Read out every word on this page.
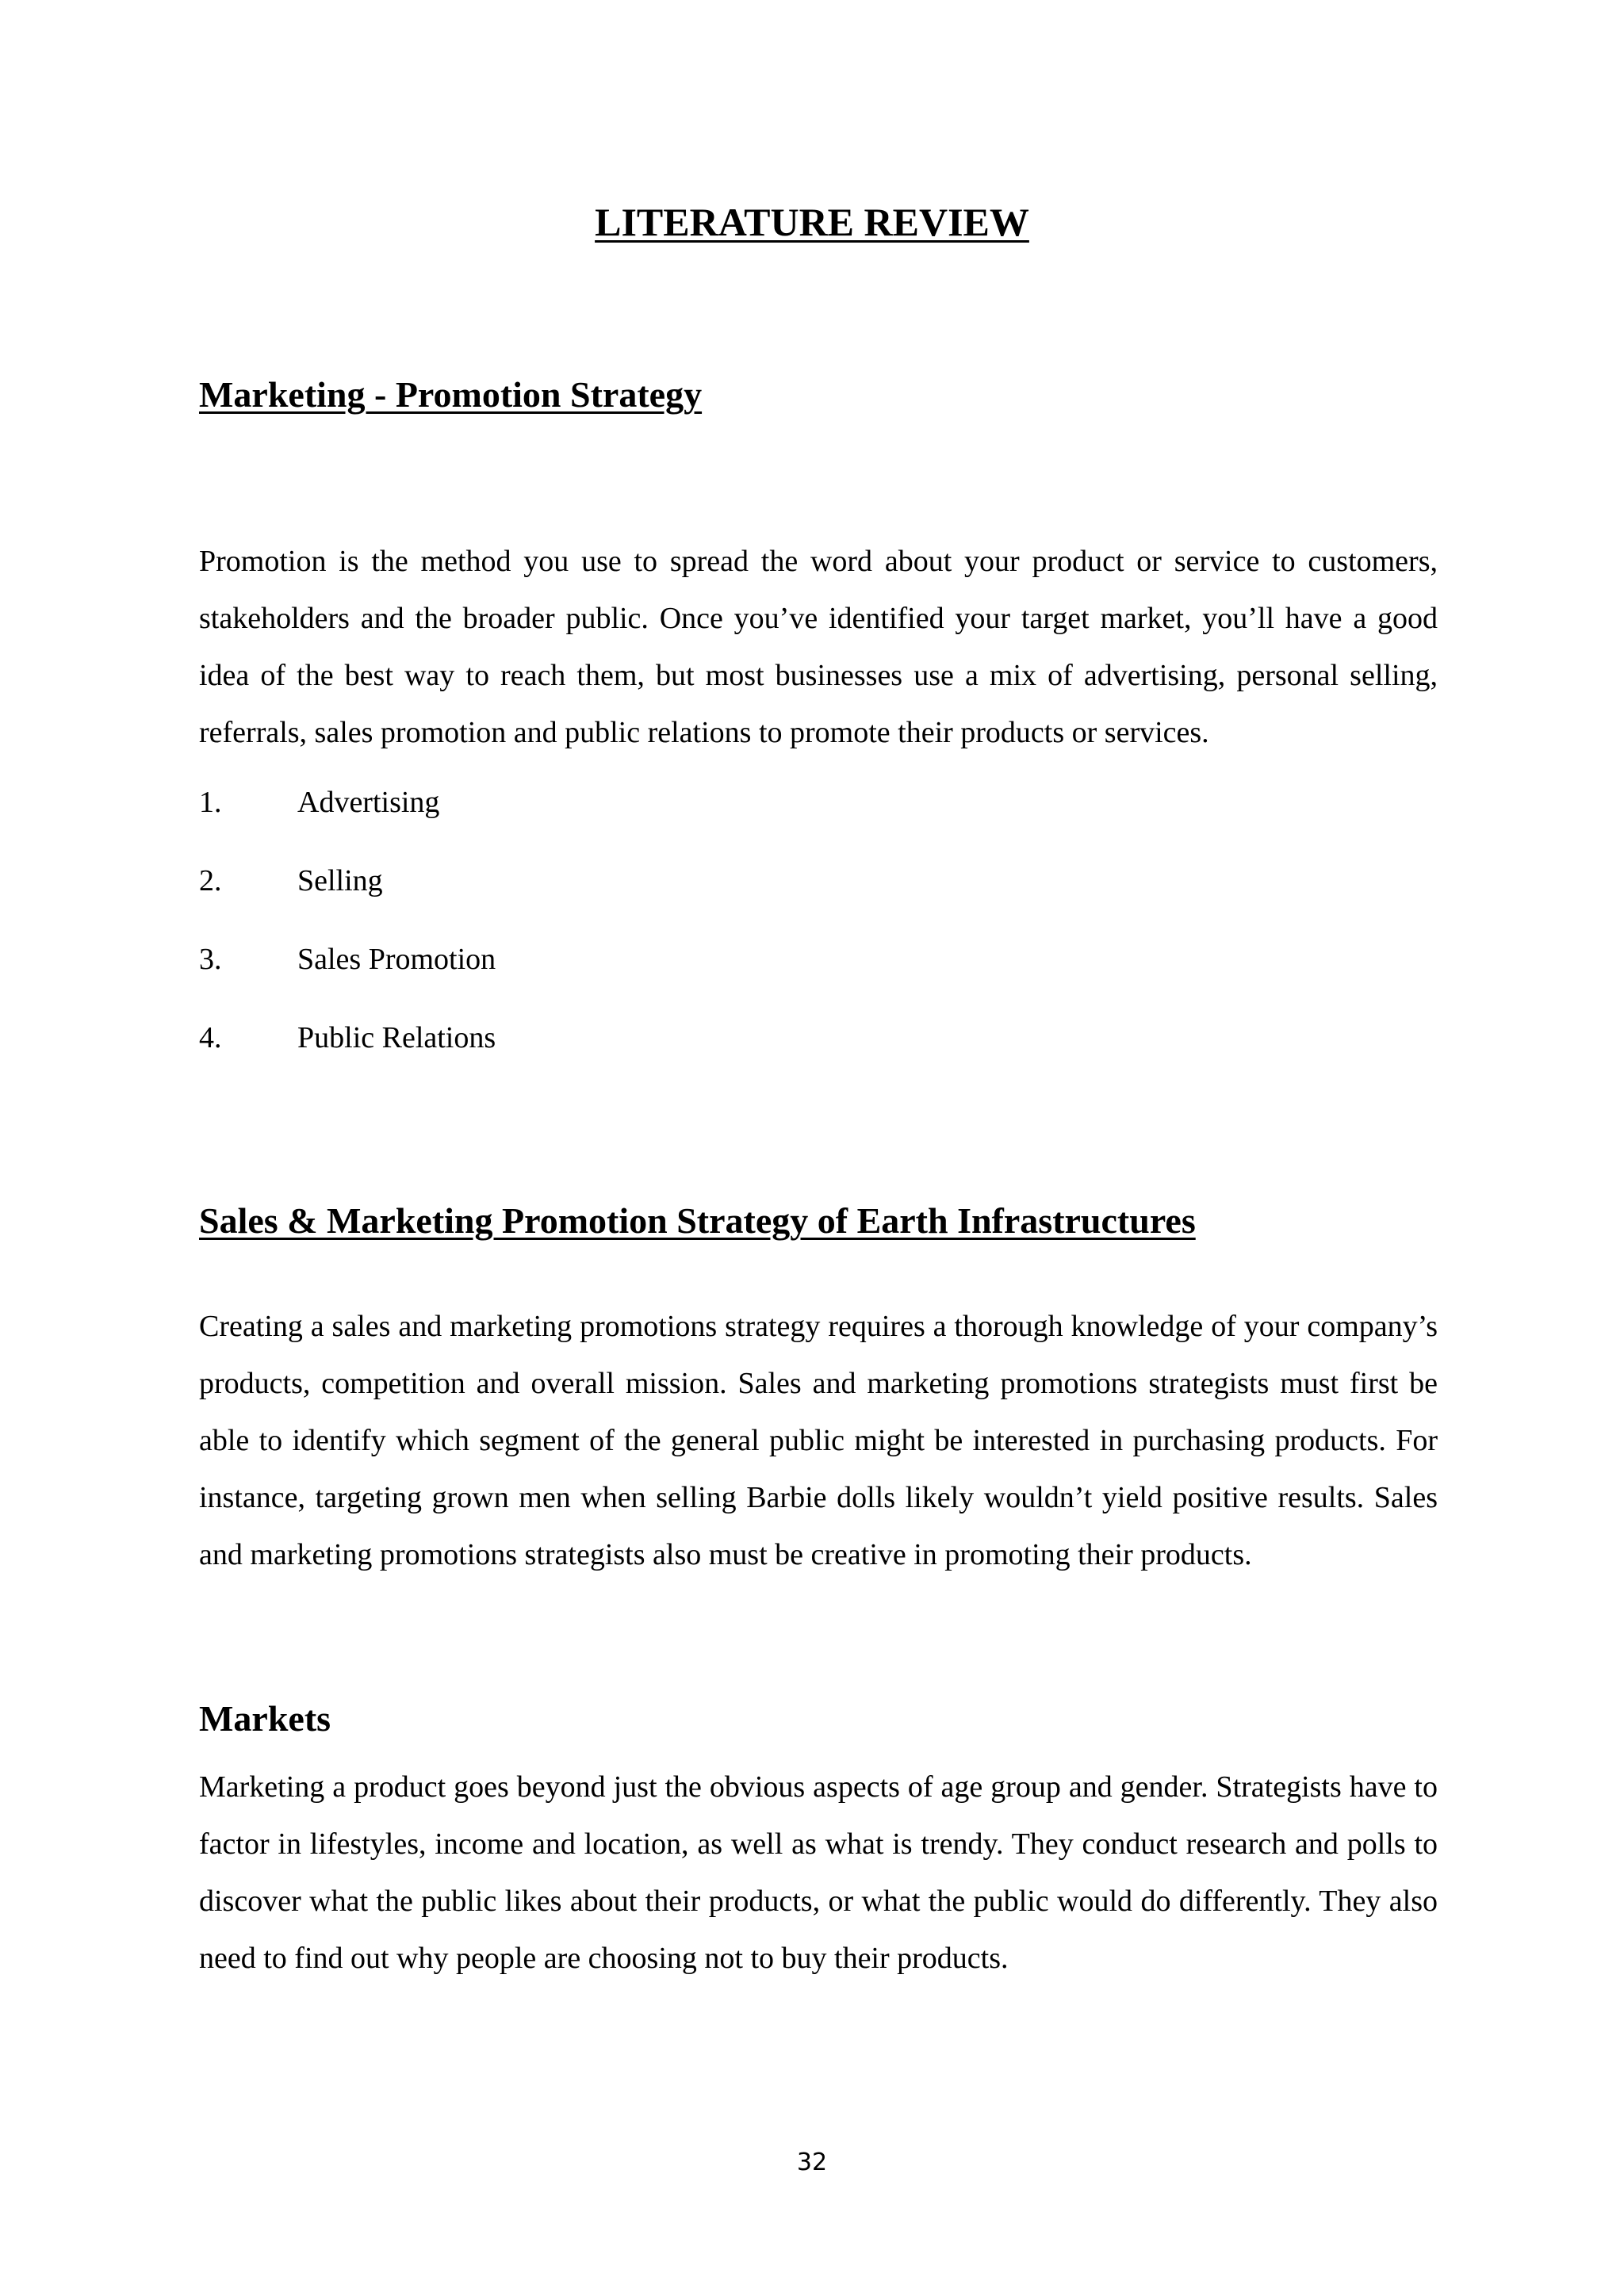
LITERATURE REVIEW
Marketing - Promotion Strategy

Promotion is the method you use to spread the word about your product or service to customers, stakeholders and the broader public. Once you’ve identified your target market, you’ll have a good idea of the best way to reach them, but most businesses use a mix of advertising, personal selling, referrals, sales promotion and public relations to promote their products or services.

1.	Advertising
2.	Selling
3.	Sales Promotion
4.	Public Relations
Sales & Marketing Promotion Strategy of Earth Infrastructures

Creating a sales and marketing promotions strategy requires a thorough knowledge of your company’s products, competition and overall mission. Sales and marketing promotions strategists must first be able to identify which segment of the general public might be interested in purchasing products. For instance, targeting grown men when selling Barbie dolls likely wouldn’t yield positive results. Sales and marketing promotions strategists also must be creative in promoting their products.

Markets

Marketing a product goes beyond just the obvious aspects of age group and gender. Strategists have to factor in lifestyles, income and location, as well as what is trendy. They conduct research and polls to discover what the public likes about their products, or what the public would do differently. They also need to find out why people are choosing not to buy their products.

32
